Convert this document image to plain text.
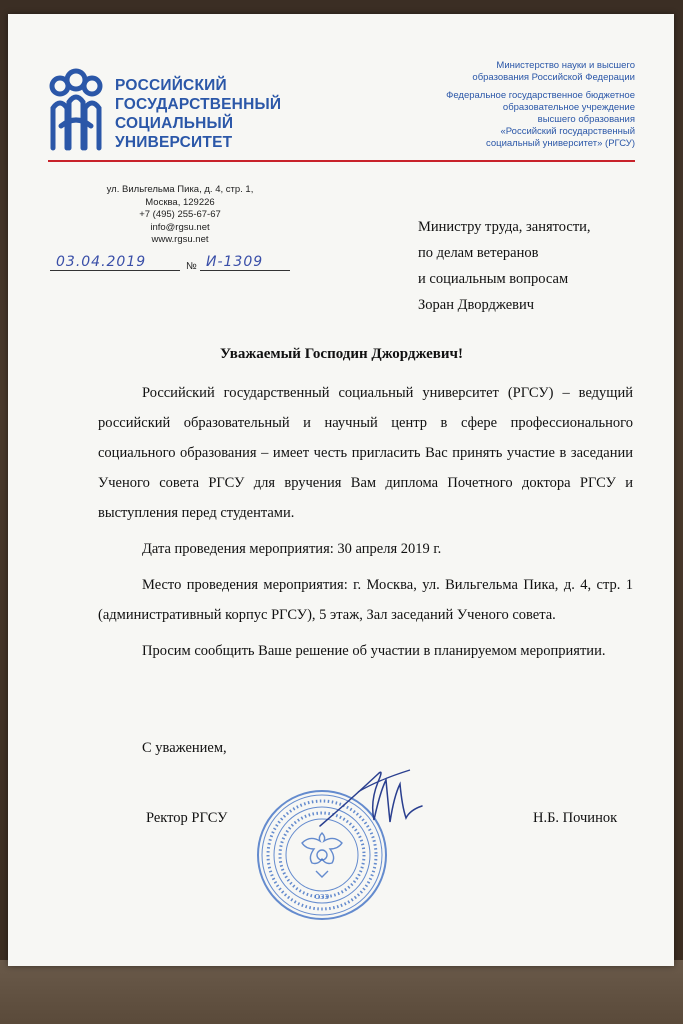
РОССИЙСКИЙ
ГОСУДАРСТВЕННЫЙ
СОЦИАЛЬНЫЙ
УНИВЕРСИТЕТ
Министерство науки и высшего
образования Российской Федерации
Федеральное государственное бюджетное
образовательное учреждение
высшего образования
«Российский государственный
социальный университет» (РГСУ)
ул. Вильгельма Пика, д. 4, стр. 1,
Москва, 129226
+7 (495) 255-67-67
info@rgsu.net
www.rgsu.net
03.04.2019	№ И-1309
Министру труда, занятости,
по делам ветеранов
и социальным вопросам
Зоран Дворджевич
Уважаемый Господин Джорджевич!

Российский государственный социальный университет (РГСУ) – ведущий российский образовательный и научный центр в сфере профессионального социального образования – имеет честь пригласить Вас принять участие в заседании Ученого совета РГСУ для вручения Вам диплома Почетного доктора РГСУ и выступления перед студентами.

Дата проведения мероприятия: 30 апреля 2019 г.

Место проведения мероприятия: г. Москва, ул. Вильгельма Пика, д. 4, стр. 1 (административный корпус РГСУ), 5 этаж, Зал заседаний Ученого совета.

Просим сообщить Ваше решение об участии в планируемом мероприятии.

С уважением,
Ректор РГСУ	Н.Б. Починок
ОЗЭ
